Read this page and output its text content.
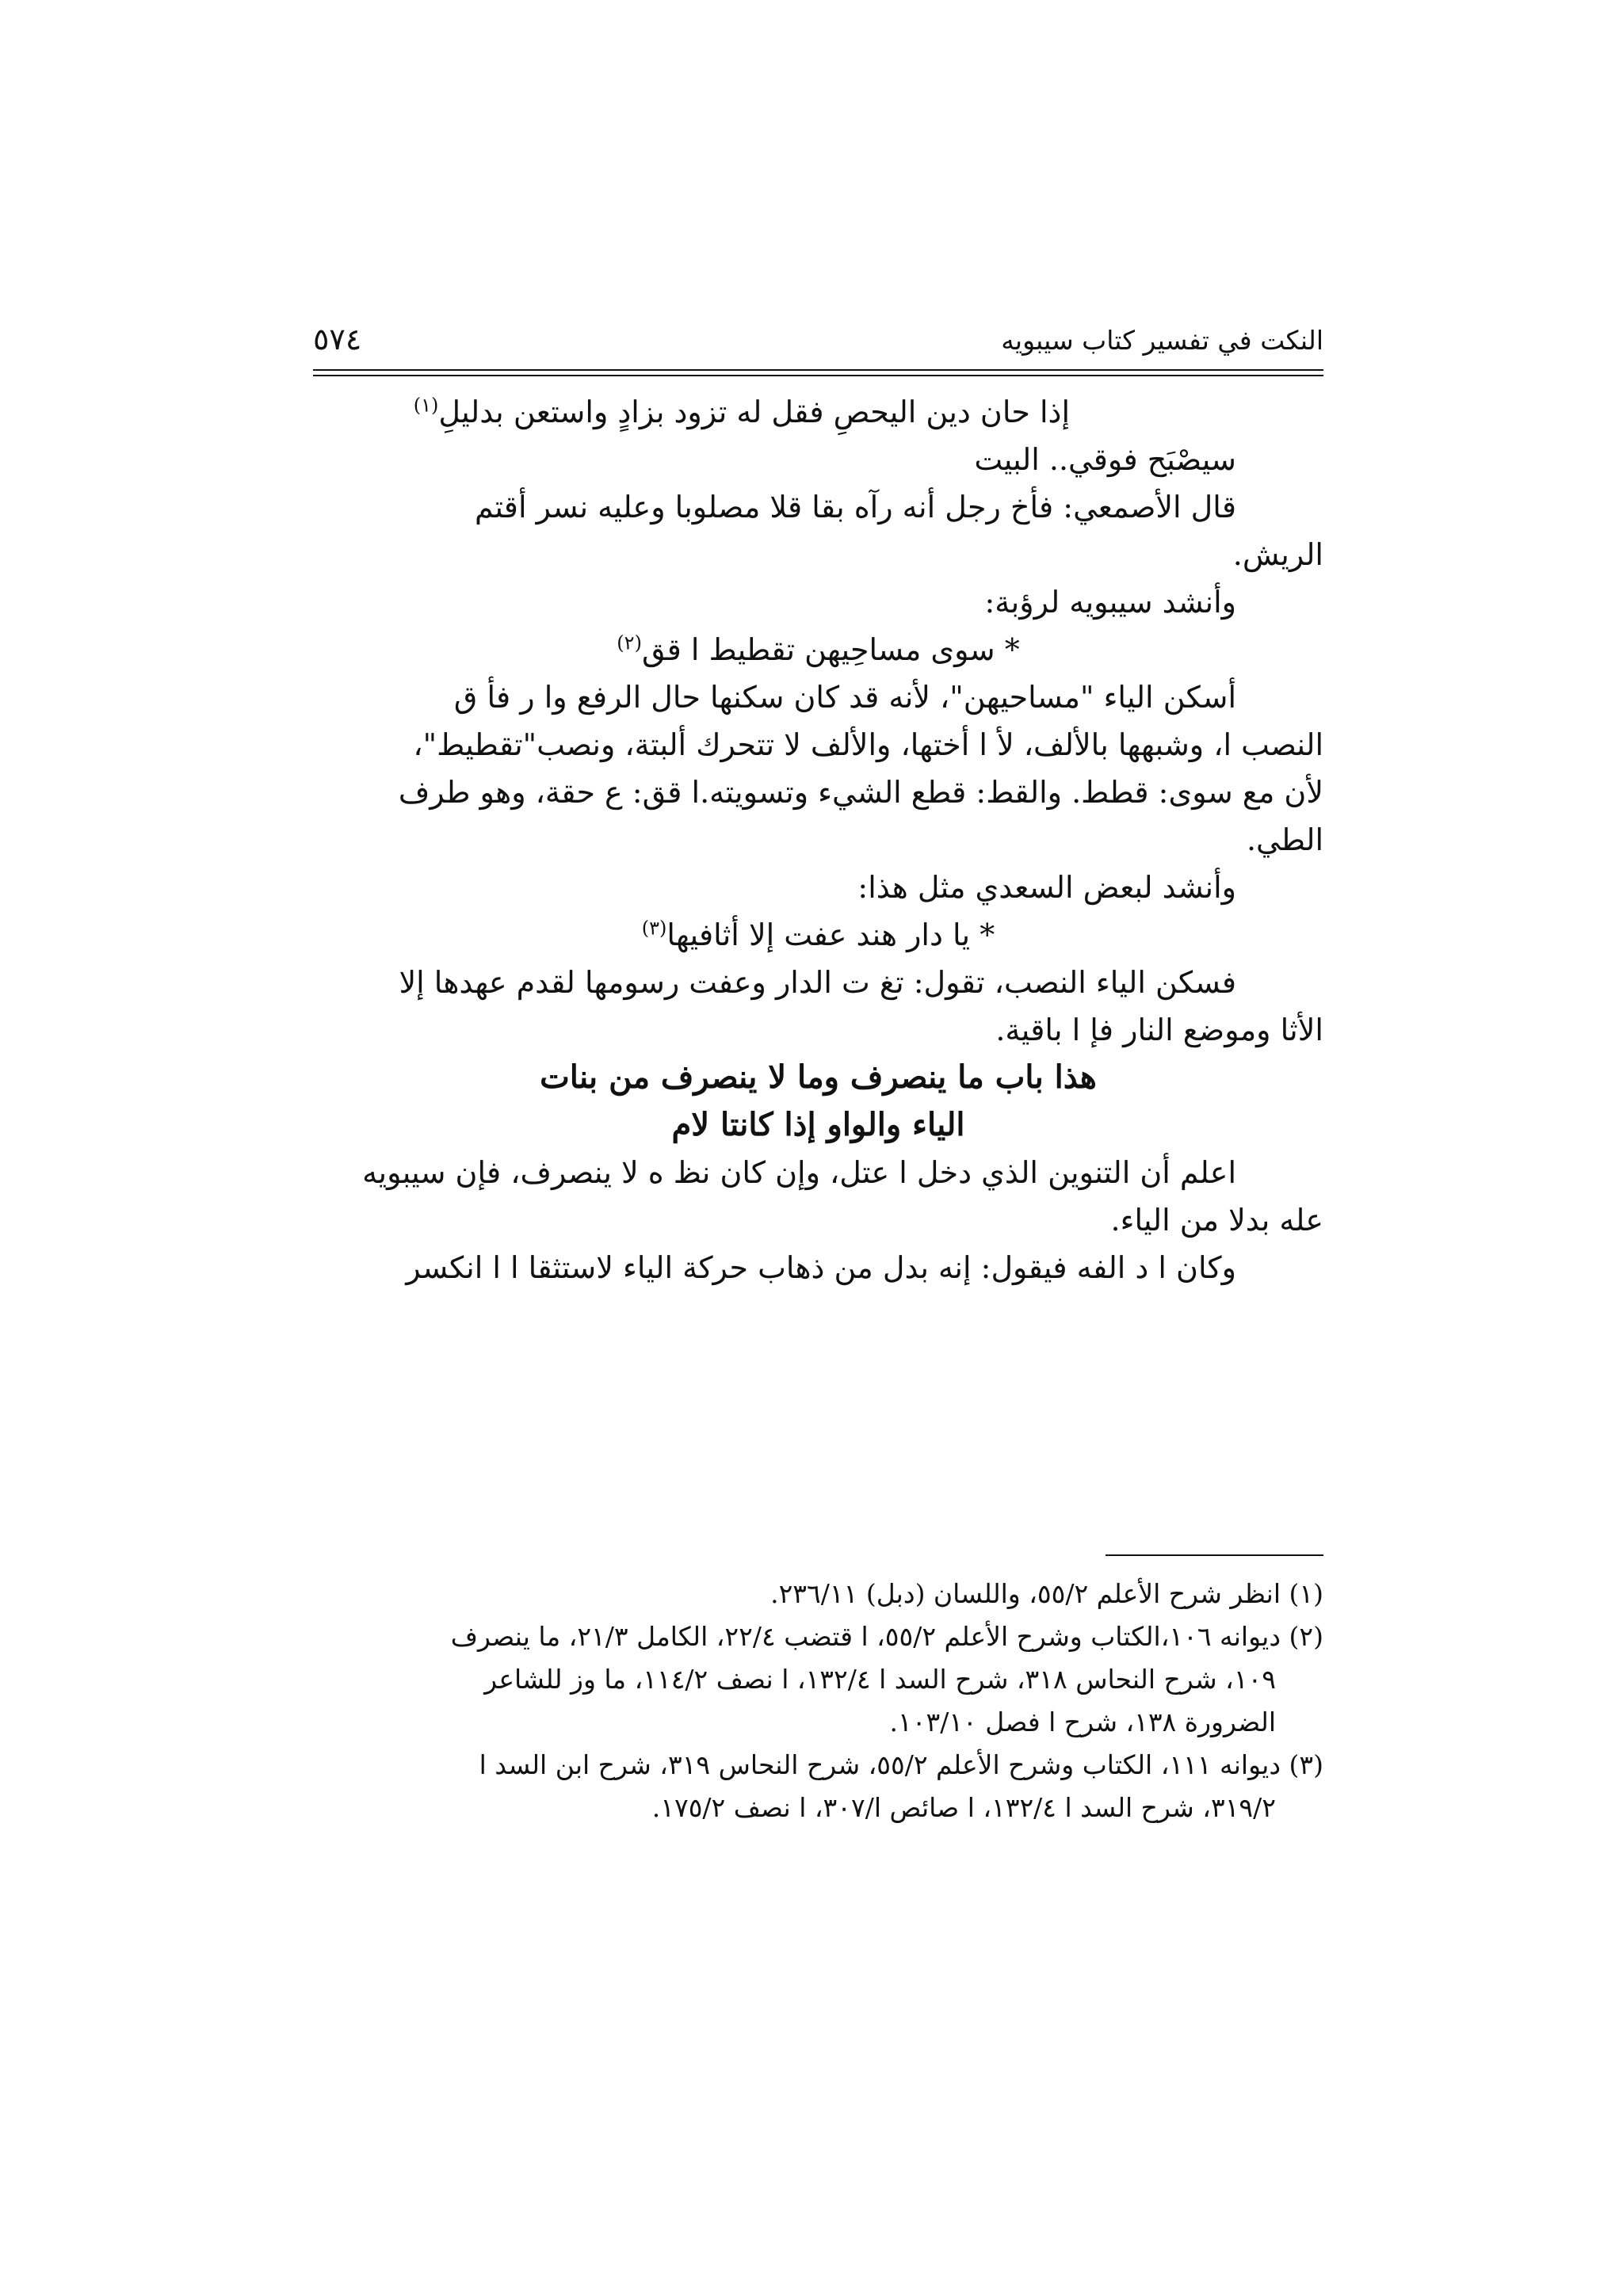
النكت في تفسير كتاب سيبويه
٥٧٤
إذا حان دين اليحصِ فقل له تزود بزادٍ واستعن بدليلِ$^{(١)}$
سيصْبَح فوقي.. البيت
قال الأصمعي: فأخ رجل أنه رآه بقا قلا مصلوبا وعليه نسر أقتم
الريش.
وأنشد سيبويه لرؤبة:
* سوى مساحِيهن تقطيط ا قق$^{(٢)}$
أسكن الياء "مساحيهن"، لأنه قد كان سكنها حال الرفع وا ر فأ ق
النصب ا، وشبهها بالألف، لأ ا أختها، والألف لا تتحرك ألبتة، ونصب"تقطيط"،
لأن مع سوى: قطط. والقط: قطع الشيء وتسويته.ا قق: ع حقة، وهو طرف
الطي.
وأنشد لبعض السعدي مثل هذا:
* يا دار هند عفت إلا أثافيها$^{(٣)}$
فسكن الياء النصب، تقول: تغ ت الدار وعفت رسومها لقدم عهدها إلا
الأثا وموضع النار فإ ا باقية.
هذا باب ما ينصرف وما لا ينصرف من بنات
الياء والواو إذا كانتا لام
اعلم أن التنوين الذي دخل ا عتل، وإن كان نظ ه لا ينصرف، فإن سيبويه
عله بدلا من الياء.
وكان ا د الفه فيقول: إنه بدل من ذهاب حركة الياء لاستثقا ا ا انكسر
(١) انظر شرح الأعلم ٥٥/٢، واللسان (دبل) ٢٣٦/١١.
(٢) ديوانه ١٠٦،الكتاب وشرح الأعلم ٥٥/٢، ا قتضب ٢٢/٤، الكامل ٢١/٣، ما ينصرف
١٠٩، شرح النحاس ٣١٨، شرح السد ا ١٣٢/٤، ا نصف ١١٤/٢، ما وز للشاعر
الضرورة ١٣٨، شرح ا فصل ١٠٣/١٠.
(٣) ديوانه ١١١، الكتاب وشرح الأعلم ٥٥/٢، شرح النحاس ٣١٩، شرح ابن السد ا
٣١٩/٢، شرح السد ا ١٣٢/٤، ا صائص ا/٣٠٧، ا نصف ١٧٥/٢.
